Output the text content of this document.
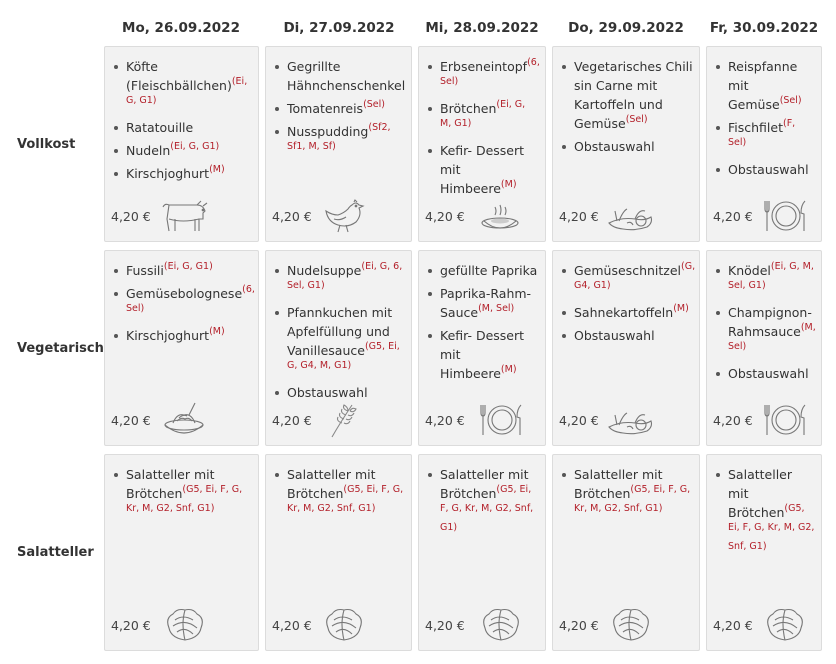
Mo, 26.09.2022	Di, 27.09.2022	Mi, 28.09.2022	Do, 29.09.2022	Fr, 30.09.2022
Vollkost
Köfte (Fleischbällchen)$^{(Ei, G, G1)}$
Ratatouille
Nudeln$^{(Ei, G, G1)}$
Kirschjoghurt$^{(M)}$
4,20 €
Gegrillte Hähnchenschenkel
Tomatenreis$^{(Sel)}$
Nusspudding$^{(Sf2, Sf1, M, Sf)}$
4,20 €
Erbseneintopf$^{(6, Sel)}$
Brötchen$^{(Ei, G, M, G1)}$
Kefir- Dessert mit Himbeere$^{(M)}$
4,20 €
Vegetarisches Chili sin Carne mit Kartoffeln und Gemüse$^{(Sel)}$
Obstauswahl
4,20 €
Reispfanne mit Gemüse$^{(Sel)}$
Fischfilet$^{(F, Sel)}$
Obstauswahl
4,20 €
Vegetarisch
Fussili$^{(Ei, G, G1)}$
Gemüsebolognese$^{(6, Sel)}$
Kirschjoghurt$^{(M)}$
4,20 €
Nudelsuppe$^{(Ei, G, 6, Sel, G1)}$
Pfannkuchen mit Apfelfüllung und Vanillesauce$^{(G5, Ei, G, G4, M, G1)}$
Obstauswahl
4,20 €
gefüllte Paprika
Paprika-Rahm-Sauce$^{(M, Sel)}$
Kefir- Dessert mit Himbeere$^{(M)}$
4,20 €
Gemüseschnitzel$^{(G, G4, G1)}$
Sahnekartoffeln$^{(M)}$
Obstauswahl
4,20 €
Knödel$^{(Ei, G, M, Sel, G1)}$
Champignon-Rahmsauce$^{(M, Sel)}$
Obstauswahl
4,20 €
Salatteller
Salatteller mit Brötchen$^{(G5, Ei, F, G, Kr, M, G2, Snf, G1)}$
4,20 €
Salatteller mit Brötchen$^{(G5, Ei, F, G, Kr, M, G2, Snf, G1)}$
4,20 €
Salatteller mit Brötchen$^{(G5, Ei, F, G, Kr, M, G2, Snf, G1)}$
4,20 €
Salatteller mit Brötchen$^{(G5, Ei, F, G, Kr, M, G2, Snf, G1)}$
4,20 €
Salatteller mit Brötchen$^{(G5, Ei, F, G, Kr, M, G2, Snf, G1)}$
4,20 €
